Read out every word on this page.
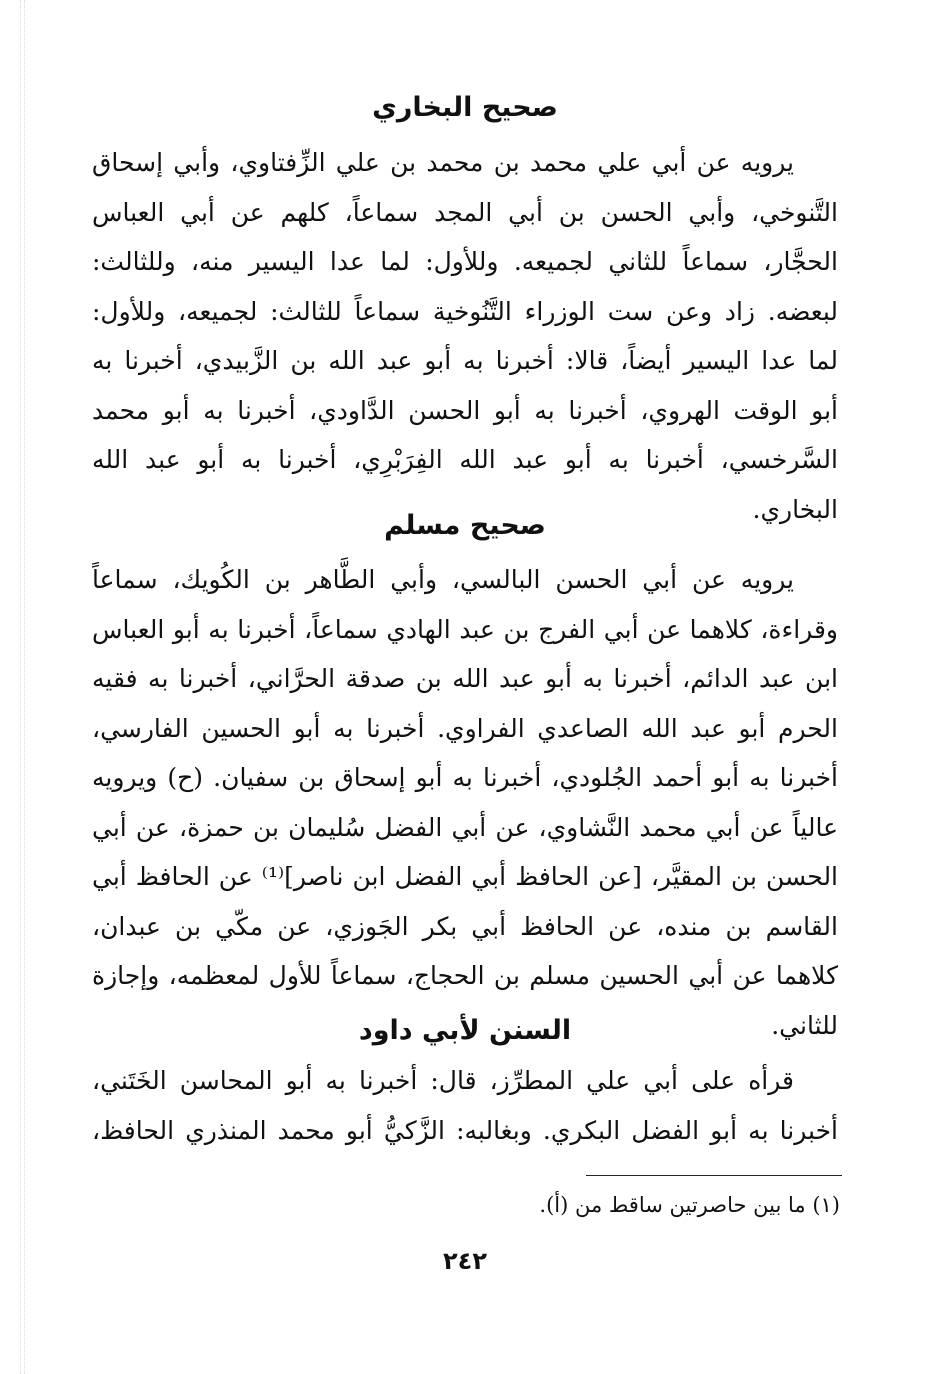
صحيح البخاري

يرويه عن أبي علي محمد بن محمد بن علي الزِّفتاوي، وأبي إسحاق

التَّنوخي، وأبي الحسن بن أبي المجد سماعاً، كلهم عن أبي العباس

الحجَّار، سماعاً للثاني لجميعه. وللأول: لما عدا اليسير منه، وللثالث:

لبعضه. زاد وعن ست الوزراء التَّنُوخية سماعاً للثالث: لجميعه، وللأول:

لما عدا اليسير أيضاً، قالا: أخبرنا به أبو عبد الله بن الزَّبيدي، أخبرنا به

أبو الوقت الهروي، أخبرنا به أبو الحسن الدَّاودي، أخبرنا به أبو محمد

السَّرخسي، أخبرنا به أبو عبد الله الفِرَبْرِي، أخبرنا به أبو عبد الله

البخاري.

صحيح مسلم

يرويه عن أبي الحسن البالسي، وأبي الطَّاهر بن الكُويك، سماعاً

وقراءة، كلاهما عن أبي الفرج بن عبد الهادي سماعاً، أخبرنا به أبو العباس

ابن عبد الدائم، أخبرنا به أبو عبد الله بن صدقة الحرَّاني، أخبرنا به فقيه

الحرم أبو عبد الله الصاعدي الفراوي. أخبرنا به أبو الحسين الفارسي،

أخبرنا به أبو أحمد الجُلودي، أخبرنا به أبو إسحاق بن سفيان. (ح) ويرويه

عالياً عن أبي محمد النَّشاوي، عن أبي الفضل سُليمان بن حمزة، عن أبي

الحسن بن المقيَّر، [عن الحافظ أبي الفضل ابن ناصر]⁽¹⁾ عن الحافظ أبي

القاسم بن منده، عن الحافظ أبي بكر الجَوزي، عن مكّي بن عبدان،

كلاهما عن أبي الحسين مسلم بن الحجاج، سماعاً للأول لمعظمه، وإجازة

للثاني.

السنن لأبي داود

قرأه على أبي علي المطرِّز، قال: أخبرنا به أبو المحاسن الخَتَني،

أخبرنا به أبو الفضل البكري. وبغالبه: الزَّكيُّ أبو محمد المنذري الحافظ،

(١) ما بين حاصرتين ساقط من (أ).

٢٤٢
